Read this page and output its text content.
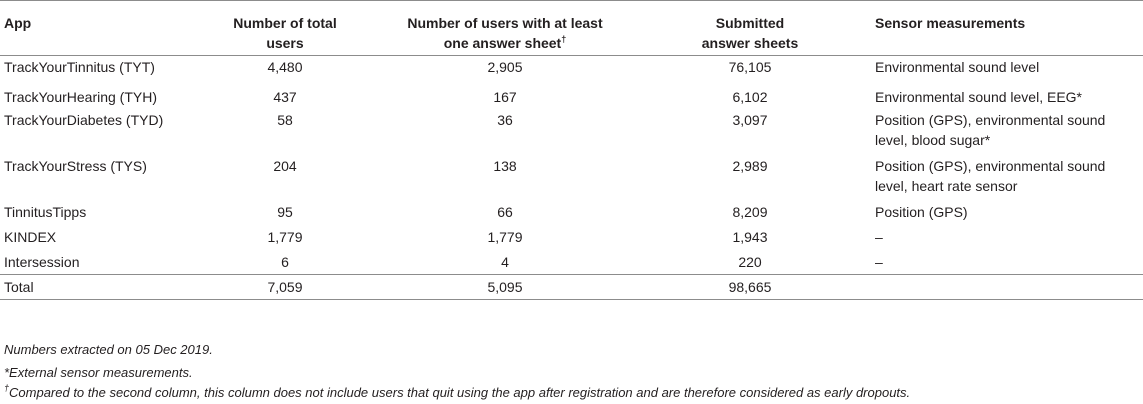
App	Number of total users	Number of users with at least one answer sheet†	Submitted answer sheets	Sensor measurements
TrackYourTinnitus (TYT)	4,480	2,905	76,105	Environmental sound level
TrackYourHearing (TYH)	437	167	6,102	Environmental sound level, EEG*
TrackYourDiabetes (TYD)	58	36	3,097	Position (GPS), environmental sound level, blood sugar*

TrackYourStress (TYS)	204	138	2,989	Position (GPS), environmental sound level, heart rate sensor

TinnitusTipps	95	66	8,209	Position (GPS)
KINDEX	1,779	1,779	1,943	–
Intersession	6	4	220	–
Total	7,059	5,095	98,665	
Numbers extracted on 05 Dec 2019.
*External sensor measurements.
†Compared to the second column, this column does not include users that quit using the app after registration and are therefore considered as early dropouts.
